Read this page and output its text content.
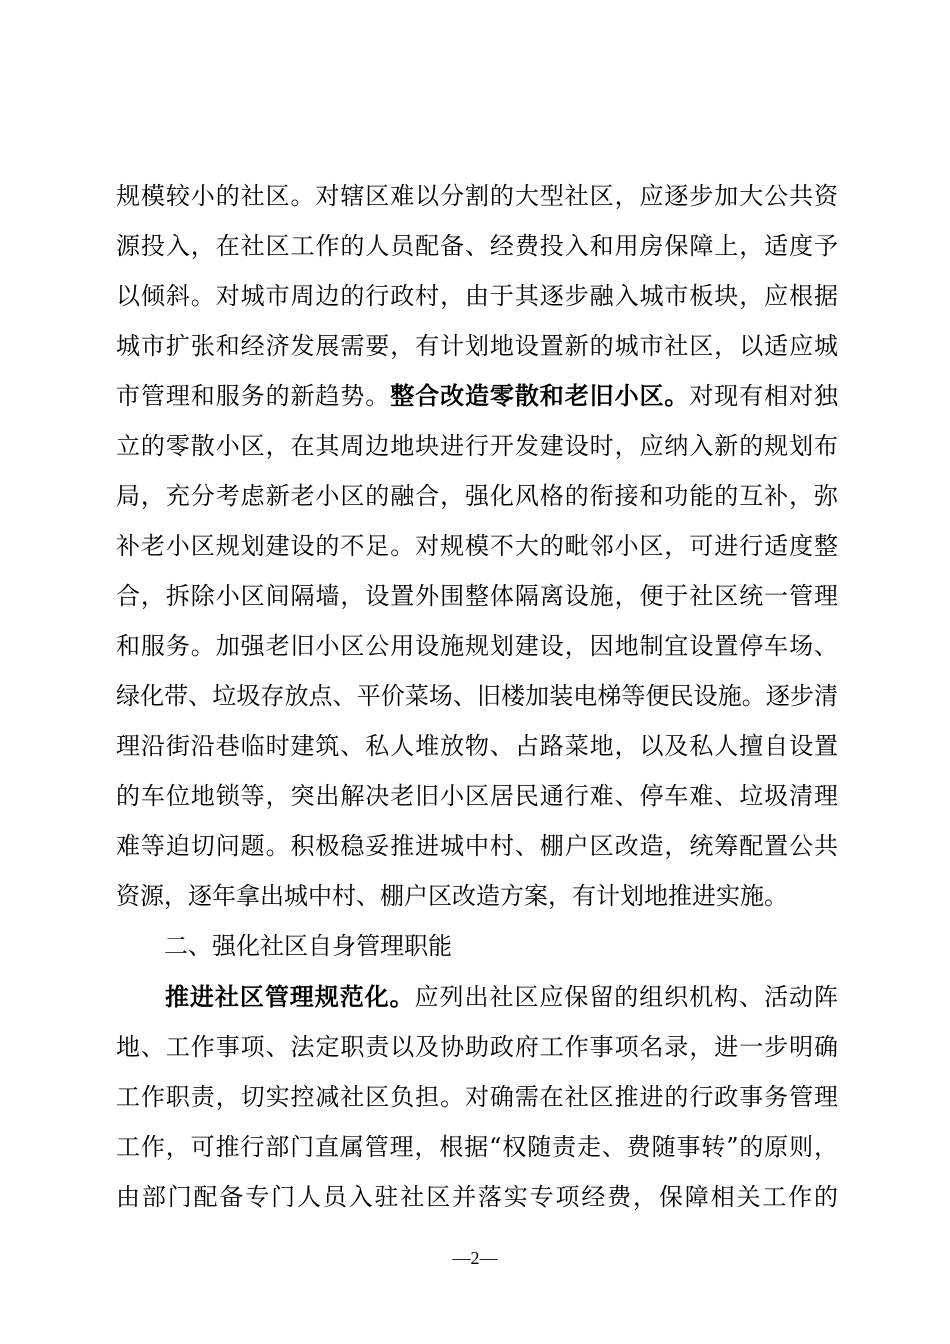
规模较小的社区。对辖区难以分割的大型社区，应逐步加大公共资
源投入，在社区工作的人员配备、经费投入和用房保障上，适度予
以倾斜。对城市周边的行政村，由于其逐步融入城市板块，应根据
城市扩张和经济发展需要，有计划地设置新的城市社区，以适应城
市管理和服务的新趋势。整合改造零散和老旧小区。对现有相对独
立的零散小区，在其周边地块进行开发建设时，应纳入新的规划布
局，充分考虑新老小区的融合，强化风格的衔接和功能的互补，弥
补老小区规划建设的不足。对规模不大的毗邻小区，可进行适度整
合，拆除小区间隔墙，设置外围整体隔离设施，便于社区统一管理
和服务。加强老旧小区公用设施规划建设，因地制宜设置停车场、
绿化带、垃圾存放点、平价菜场、旧楼加装电梯等便民设施。逐步清
理沿街沿巷临时建筑、私人堆放物、占路菜地，以及私人擅自设置
的车位地锁等，突出解决老旧小区居民通行难、停车难、垃圾清理
难等迫切问题。积极稳妥推进城中村、棚户区改造，统筹配置公共
资源，逐年拿出城中村、棚户区改造方案，有计划地推进实施。
二、强化社区自身管理职能
推进社区管理规范化。应列出社区应保留的组织机构、活动阵
地、工作事项、法定职责以及协助政府工作事项名录，进一步明确
工作职责，切实控减社区负担。对确需在社区推进的行政事务管理
工作，可推行部门直属管理，根据“权随责走、费随事转”的原则，
由部门配备专门人员入驻社区并落实专项经费，保障相关工作的
—2—
